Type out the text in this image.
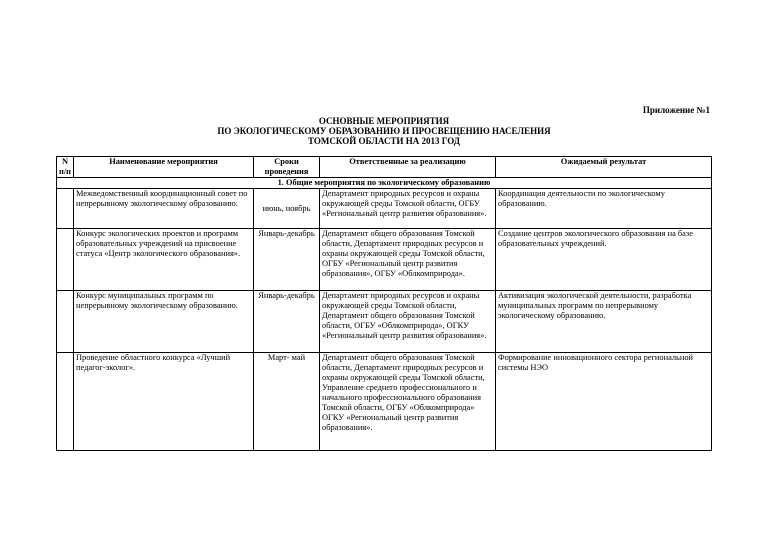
Приложение №1
ОСНОВНЫЕ МЕРОПРИЯТИЯ
ПО ЭКОЛОГИЧЕСКОМУ ОБРАЗОВАНИЮ И ПРОСВЕЩЕНИЮ НАСЕЛЕНИЯ
ТОМСКОЙ ОБЛАСТИ НА 2013 ГОД
N п/п	Наименование мероприятия	Сроки проведения	Ответственные за реализацию	Ожидаемый результат
1. Общие мероприятия по экологическому образованию				
	Межведомственный координационный совет по непрерывному экологическому образованию.	июнь, ноябрь	Департамент природных ресурсов и охраны окружающей среды Томской области, ОГБУ «Региональный центр развития образования».	Координация деятельности по экологическому образованию.
	Конкурс экологических проектов и программ образовательных учреждений на присвоение статуса «Центр экологического образования».	Январь-декабрь	Департамент общего образования Томской области, Департамент природных ресурсов и охраны окружающей среды Томской области, ОГБУ «Региональный центр развития образования», ОГБУ «Облкомприрода».	Создание центров экологического образования на базе образовательных учреждений.
	Конкурс муниципальных программ по непрерывному экологическому образованию.	Январь-декабрь	Департамент природных ресурсов и охраны окружающей среды Томской области, Департамент общего образования Томской области, ОГБУ «Облкомприрода», ОГКУ «Региональный центр развития образования».	Активизация экологической деятельности, разработка муниципальных программ по непрерывному экологическому образованию.
	Проведение областного конкурса «Лучший педагог-эколог».	Март- май	Департамент общего образования Томской области, Департамент природных ресурсов и охраны окружающей среды Томской области, Управление среднего профессионального и начального профессионального образования Томской области, ОГБУ «Облкомприрода» ОГКУ «Региональный центр развития образования».	Формирование инновационного сектора региональной системы НЭО
